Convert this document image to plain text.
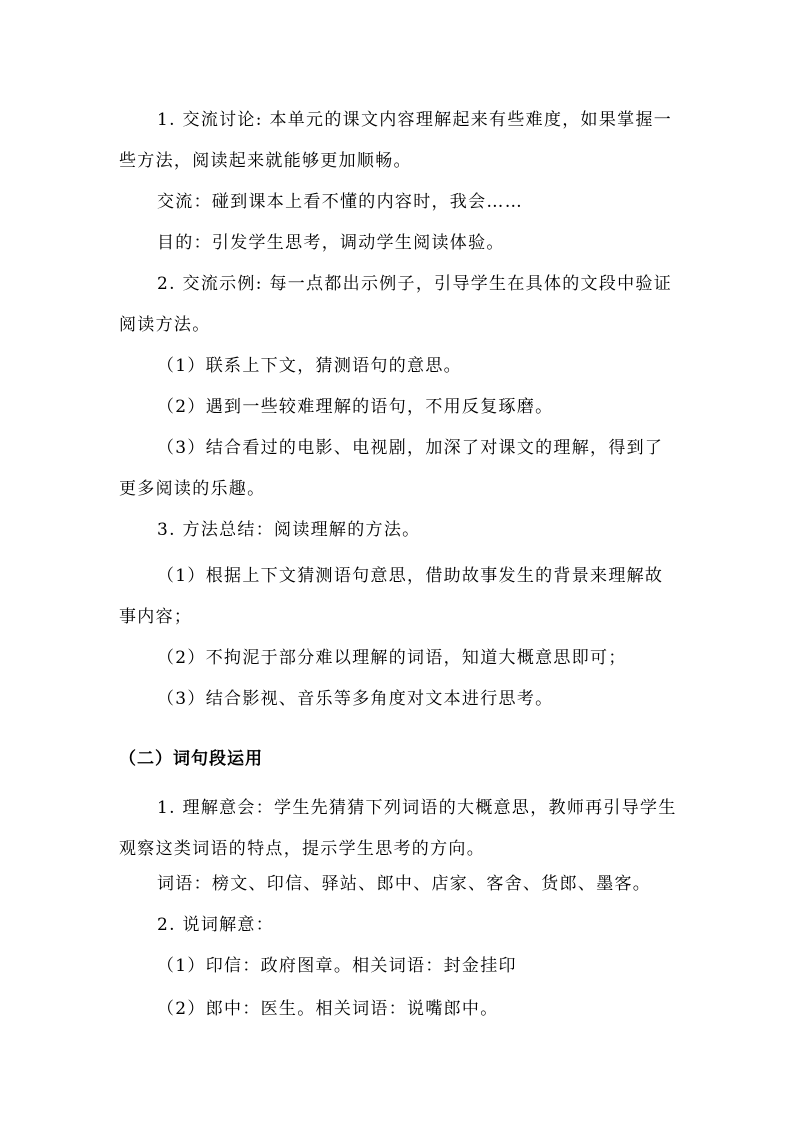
1. 交流讨论: 本单元的课文内容理解起来有些难度，如果掌握一些方法，阅读起来就能够更加顺畅。

交流：碰到课本上看不懂的内容时，我会……

目的：引发学生思考，调动学生阅读体验。

2. 交流示例: 每一点都出示例子，引导学生在具体的文段中验证阅读方法。

（1）联系上下文，猜测语句的意思。

（2）遇到一些较难理解的语句，不用反复琢磨。

（3）结合看过的电影、电视剧，加深了对课文的理解，得到了更多阅读的乐趣。

3. 方法总结：阅读理解的方法。

（1）根据上下文猜测语句意思，借助故事发生的背景来理解故事内容；

（2）不拘泥于部分难以理解的词语，知道大概意思即可；

（3）结合影视、音乐等多角度对文本进行思考。

（二）词句段运用

1. 理解意会：学生先猜猜下列词语的大概意思，教师再引导学生观察这类词语的特点，提示学生思考的方向。

词语：榜文、印信、驿站、郎中、店家、客舍、货郎、墨客。

2. 说词解意：

（1）印信：政府图章。相关词语：封金挂印

（2）郎中：医生。相关词语：说嘴郎中。
